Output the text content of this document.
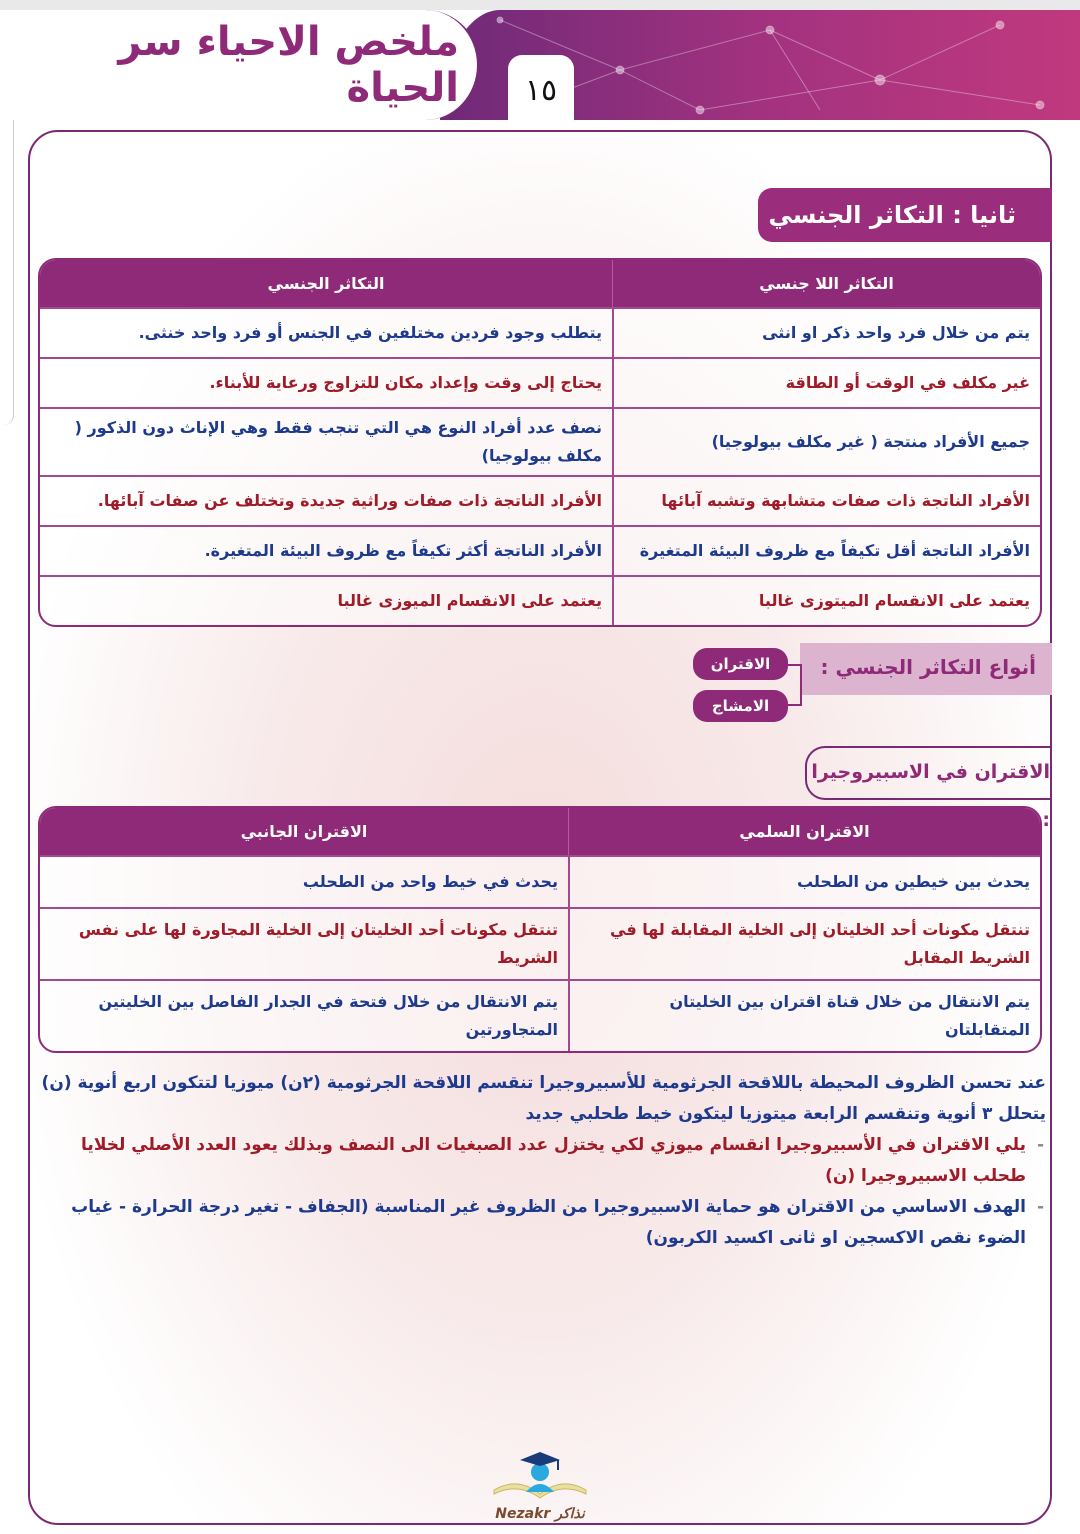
ملخص الاحياء سر الحياة	١٥
ثانيا : التكاثر الجنسي
التكاثر اللا جنسي	التكاثر الجنسي
يتم من خلال فرد واحد ذكر او انثى	يتطلب وجود فردين مختلفين في الجنس أو فرد واحد خنثى.
غير مكلف في الوقت أو الطاقة	يحتاج إلى وقت وإعداد مكان للتزاوج ورعاية للأبناء.
جميع الأفراد منتجة ( غير مكلف بيولوجيا)	نصف عدد أفراد النوع هي التي تنجب فقط وهي الإناث دون الذكور ( مكلف بيولوجيا)
الأفراد الناتجة ذات صفات متشابهة وتشبه آبائها	الأفراد الناتجة ذات صفات وراثية جديدة وتختلف عن صفات آبائها.
الأفراد الناتجة أقل تكيفاً مع ظروف البيئة المتغيرة	الأفراد الناتجة أكثر تكيفاً مع ظروف البيئة المتغيرة.
يعتمد على الانقسام الميتوزى غالبا	يعتمد على الانقسام الميوزى غالبا
أنواع التكاثر الجنسي :
الاقتران
الامشاج
الاقتران في الاسبيروجيرا :
الاقتران السلمي	الاقتران الجانبي
يحدث بين خيطين من الطحلب	يحدث في خيط واحد من الطحلب
تنتقل مكونات أحد الخليتان إلى الخلية المقابلة لها في الشريط المقابل	تنتقل مكونات أحد الخليتان إلى الخلية المجاورة لها على نفس الشريط
يتم الانتقال من خلال قناة اقتران بين الخليتان المتقابلتان	يتم الانتقال من خلال فتحة في الجدار الفاصل بين الخليتين المتجاورتين
عند تحسن الظروف المحيطة باللاقحة الجرثومية للأسبيروجيرا تنقسم اللاقحة الجرثومية (٢ن) ميوزيا لتتكون اربع أنوية (ن) يتحلل ٣ أنوية وتنقسم الرابعة ميتوزيا ليتكون خيط طحلبي جديد
- يلي الاقتران في الأسبيروجيرا انقسام ميوزي لكي يختزل عدد الصبغيات الى النصف وبذلك يعود العدد الأصلي لخلايا طحلب الاسبيروجيرا (ن)
- الهدف الاساسي من الاقتران هو حماية الاسبيروجيرا من الظروف غير المناسبة (الجفاف - تغير درجة الحرارة - غياب الضوء نقص الاكسجين او ثانى اكسيد الكربون)
Nezakr نذاكر
